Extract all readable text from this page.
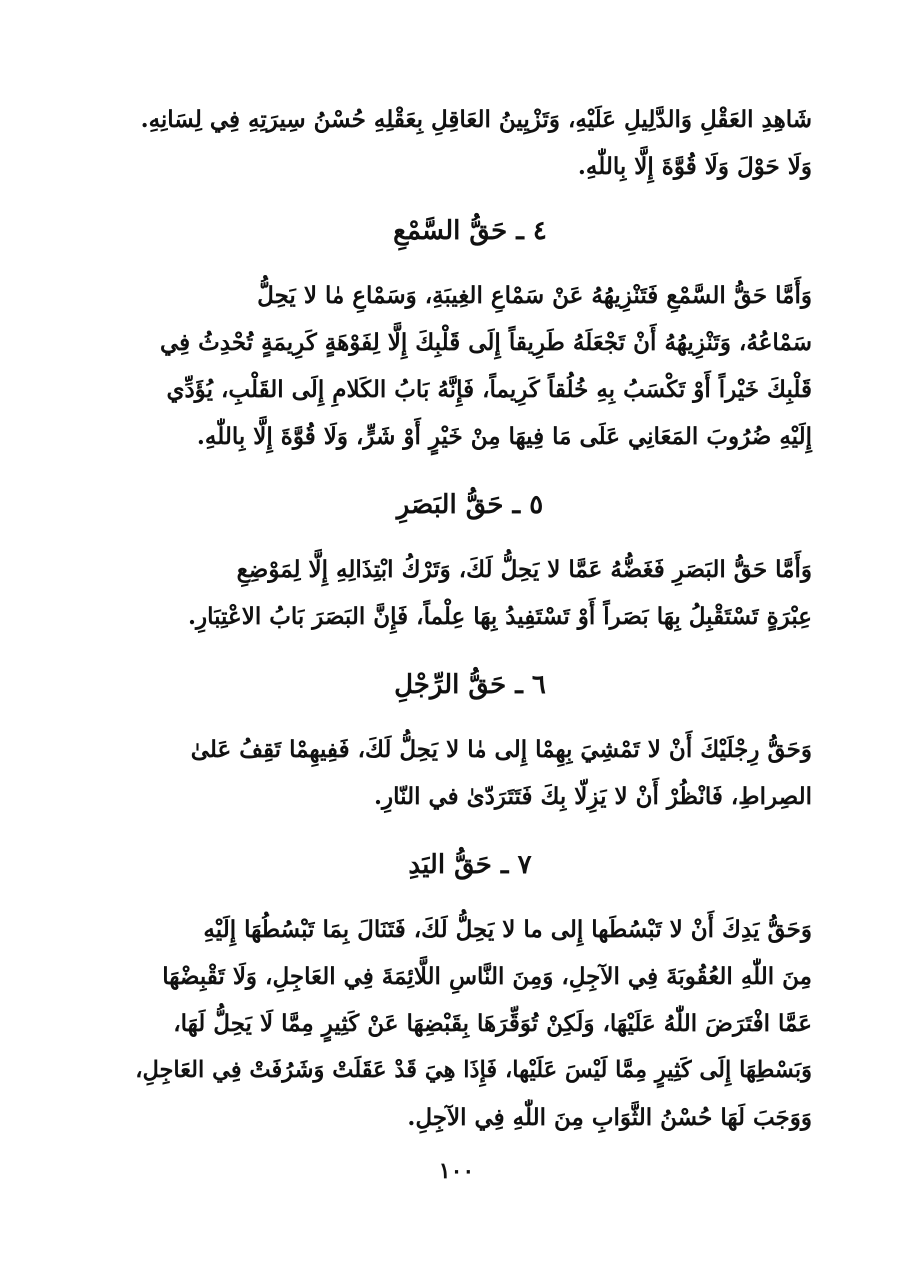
شَاهِدِ العَقْلِ وَالدَّلِيلِ عَلَيْهِ، وَتَزْيِينُ العَاقِلِ بِعَقْلِهِ حُسْنُ سِيرَتِهِ فِي لِسَانِهِ.
وَلَا حَوْلَ وَلَا قُوَّةَ إِلَّا بِاللّٰهِ.
٤ ـ حَقُّ السَّمْعِ
وَأَمَّا حَقُّ السَّمْعِ فَتَنْزِيهُهُ عَنْ سَمْاعِ الغِيبَةِ، وَسَمْاعِ مٰا لا يَحِلُّ
سَمْاعُهُ، وَتَنْزِيهُهُ أَنْ تَجْعَلَهُ طَرِيقاً إِلَى قَلْبِكَ إِلَّا لِفَوْهَةٍ كَرِيمَةٍ تُحْدِثُ فِي
قَلْبِكَ خَيْراً أَوْ تَكْسَبُ بِهِ خُلُقاً كَرِيماً، فَإِنَّهُ بَابُ الكَلامِ إِلَى القَلْبِ، يُؤَدِّي
إِلَيْهِ ضُرُوبَ المَعَانِي عَلَى مَا فِيهَا مِنْ خَيْرٍ أَوْ شَرٍّ، وَلَا قُوَّةَ إِلَّا بِاللّٰهِ.
٥ ـ حَقُّ البَصَرِ
وَأَمَّا حَقُّ البَصَرِ فَغَضُّهُ عَمَّا لا يَحِلُّ لَكَ، وَتَرْكُ ابْتِذَالِهِ إِلَّا لِمَوْضِعِ
عِبْرَةٍ تَسْتَقْبِلُ بِهَا بَصَراً أَوْ تَسْتَفِيدُ بِهَا عِلْماً، فَإِنَّ البَصَرَ بَابُ الاعْتِبَارِ.
٦ ـ حَقُّ الرِّجْلِ
وَحَقُّ رِجْلَيْكَ أَنْ لا تَمْشِيَ بِهِمْا إِلى مٰا لا يَحِلُّ لَكَ، فَفِيهِمْا تَقِفُ عَلىٰ
الصِراطِ، فَانْظُرْ أَنْ لا يَزِلّا بِكَ فَتَتَرَدّىٰ في النّارِ.
٧ ـ حَقُّ اليَدِ
وَحَقُّ يَدِكَ أَنْ لا تَبْسُطَها إِلى ما لا يَحِلُّ لَكَ، فَتَنَالَ بِمَا تَبْسُطُهَا إِلَيْهِ
مِنَ اللّٰهِ العُقُوبَةَ فِي الآجِلِ، وَمِنَ النَّاسِ اللَّائِمَةَ فِي العَاجِلِ، وَلَا تَقْبِضْهَا
عَمَّا افْتَرَضَ اللّٰهُ عَلَيْهَا، وَلَكِنْ تُوَقِّرَهَا بِقَبْضِهَا عَنْ كَثِيرٍ مِمَّا لَا يَحِلُّ لَهَا،
وَبَسْطِهَا إِلَى كَثِيرٍ مِمَّا لَيْسَ عَلَيْها، فَإِذَا هِيَ قَدْ عَقَلَتْ وَشَرُفَتْ فِي العَاجِلِ،
وَوَجَبَ لَهَا حُسْنُ الثَّوَابِ مِنَ اللّٰهِ فِي الآجِلِ.
١٠٠
